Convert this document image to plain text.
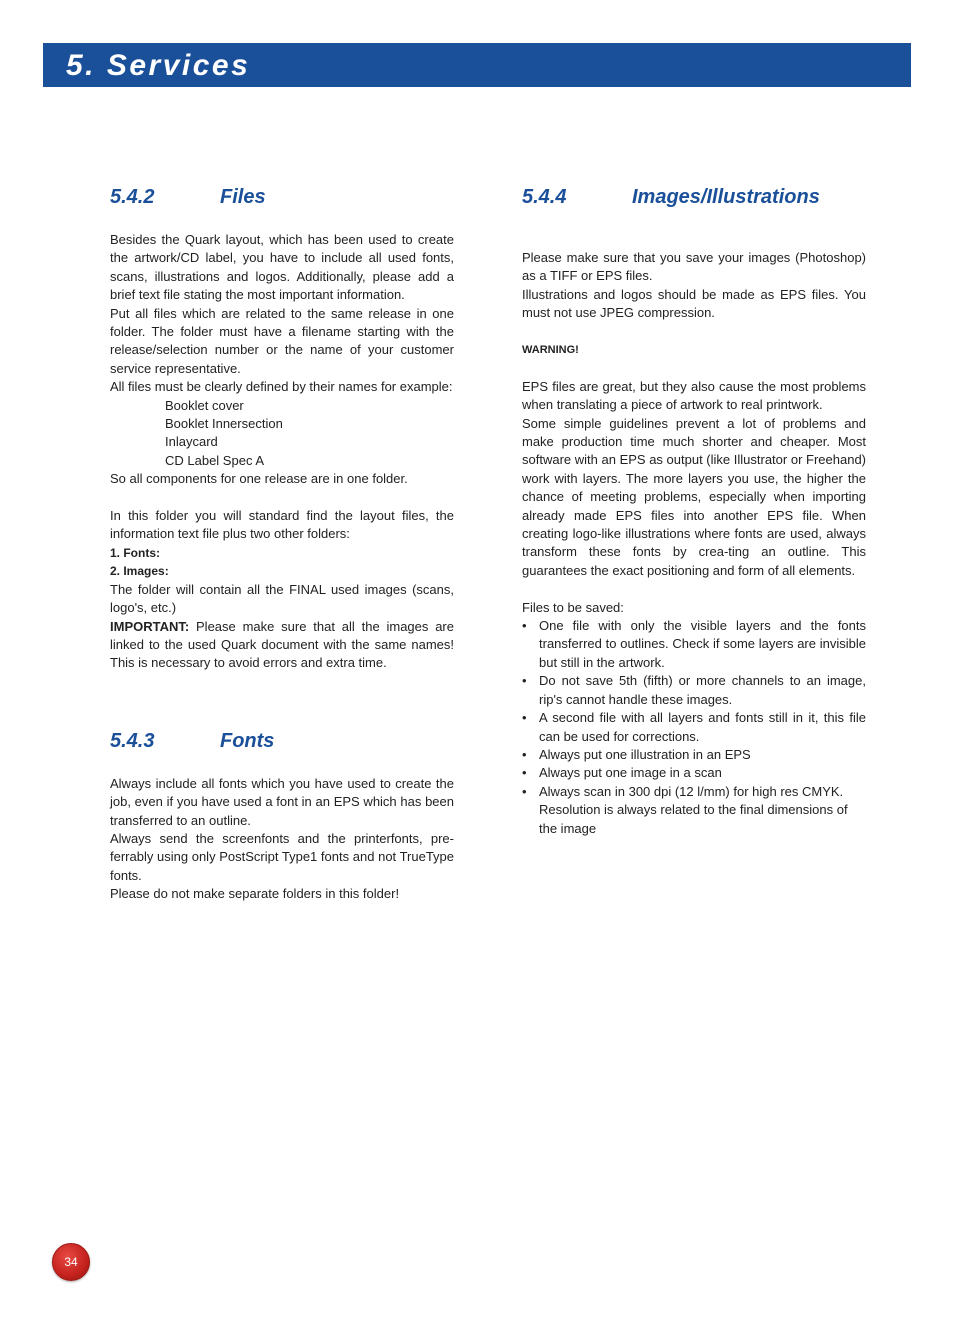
5. Services
5.4.2	Files

Besides the Quark layout, which has been used to create the artwork/CD label, you have to include all used fonts, scans, illustrations and logos. Additionally, please add a brief text file stating the most important information.

Put all files which are related to the same release in one folder. The folder must have a filename starting with the release/selection number or the name of your customer service representative.

All files must be clearly defined by their names for example:

Booklet cover

Booklet Innersection

Inlaycard

CD Label Spec A

So all components for one release are in one folder.

In this folder you will standard find the layout files, the information text file plus two other folders:

1. Fonts:

2. Images:

The folder will contain all the FINAL used images (scans, logo's, etc.)

IMPORTANT: Please make sure that all the images are linked to the used Quark document with the same names! This is necessary to avoid errors and extra time.

5.4.3	Fonts

Always include all fonts which you have used to create the job, even if you have used a font in an EPS which has been transferred to an outline.

Always send the screenfonts and the printerfonts, pre-ferrably using only PostScript Type1 fonts and not TrueType fonts.

Please do not make separate folders in this folder!

5.4.4	Images/Illustrations

Please make sure that you save your images (Photoshop) as a TIFF or EPS files.

Illustrations and logos should be made as EPS files. You must not use JPEG compression.

WARNING!

EPS files are great, but they also cause the most problems when translating a piece of artwork to real printwork.

Some simple guidelines prevent a lot of problems and make production time much shorter and cheaper. Most software with an EPS as output (like Illustrator or Freehand) work with layers. The more layers you use, the higher the chance of meeting problems, especially when importing already made EPS files into another EPS file. When creating logo-like illustrations where fonts are used, always transform these fonts by crea-ting an outline. This guarantees the exact positioning and form of all elements.

Files to be saved:

• One file with only the visible layers and the fonts transferred to outlines. Check if some layers are invisible but still in the artwork.
• Do not save 5th (fifth) or more channels to an image, rip's cannot handle these images.
• A second file with all layers and fonts still in it, this file can be used for corrections.
• Always put one illustration in an EPS
• Always put one image in a scan
• Always scan in 300 dpi (12 l/mm) for high res CMYK. Resolution is always related to the final dimensions of the image
34
